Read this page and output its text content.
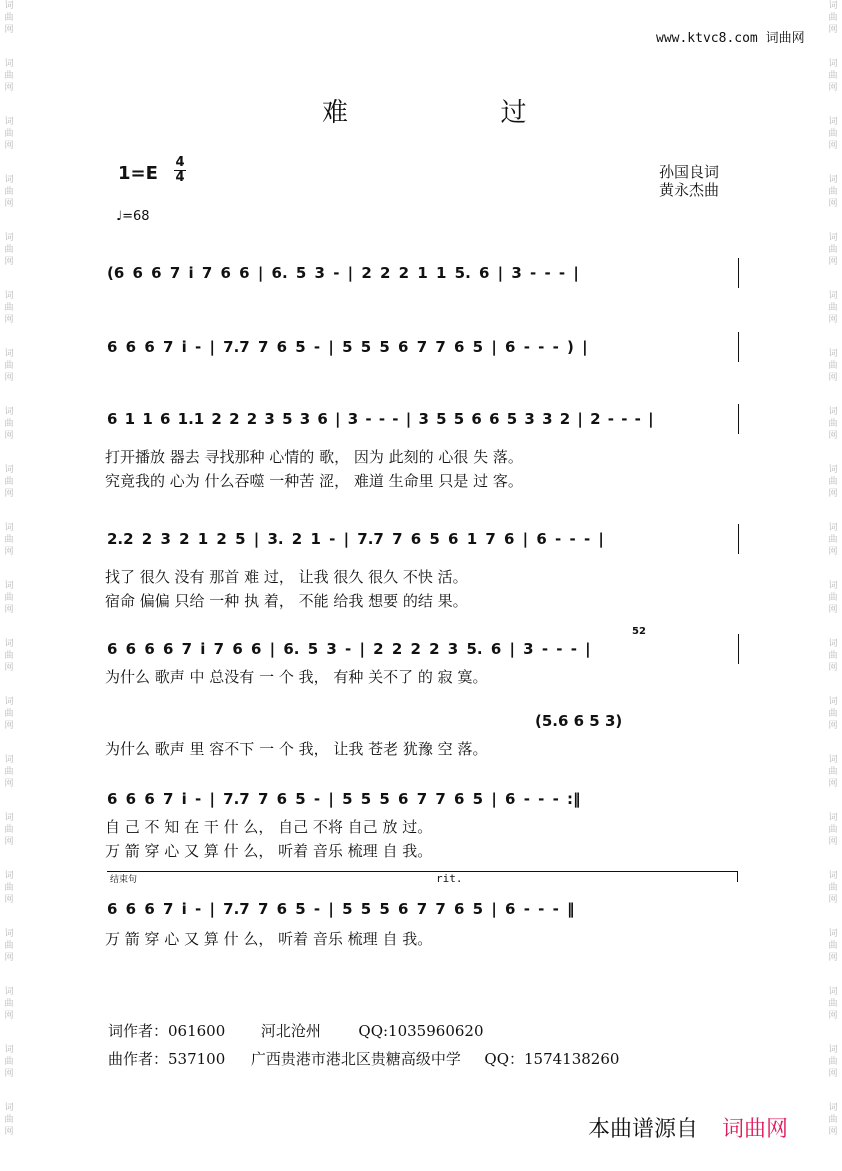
词
曲
网
词
曲
网
词
曲
网
词
曲
网
词
曲
网
词
曲
网
词
曲
网
词
曲
网
词
曲
网
词
曲
网
词
曲
网
词
曲
网
词
曲
网
词
曲
网
词
曲
网
词
曲
网
词
曲
网
词
曲
网
词
曲
网
词
曲
网
词
曲
网
词
曲
网
词
曲
网
词
曲
网
词
曲
网
词
曲
网
词
曲
网
词
曲
网
词
曲
网
词
曲
网
词
曲
网
词
曲
网
词
曲
网
词
曲
网
词
曲
网
词
曲
网
词
曲
网
词
曲
网
词
曲
网
词
曲
网
www.ktvc8.com 词曲网
难	过
1=E
4
4
♩=68
孙国良词
黄永杰曲
(6 6 6 7 i 7 6 6 | 6. 5 3 - | 2 2 2 1 1 5. 6 | 3 - - - |
6 6 6 7 i - | 7.7 7 6 5 - | 5 5 5 6 7 7 6 5 | 6 - - - ) |
6 1 1 6 1.1 2 2 2 3 5 3 6 | 3 - - - | 3 5 5 6 6 5 3 3 2 | 2 - - - |
打开播放 器去 寻找那种 心情的 歌， 因为 此刻的 心很 失 落。
究竟我的 心为 什么吞噬 一种苦 涩， 难道 生命里 只是 过 客。
2.2 2 3 2 1 2 5 | 3. 2 1 - | 7.7 7 6 5 6 1 7 6 | 6 - - - |
找了 很久 没有 那首 难 过， 让我 很久 很久 不快 活。
宿命 偏偏 只给 一种 执 着， 不能 给我 想要 的结 果。
52
6 6 6 6 7 i 7 6 6 | 6. 5 3 - | 2 2 2 2 3 5. 6 | 3 - - - |
为什么 歌声 中 总没有 一 个 我， 有种 关不了 的 寂 寞。
(5.6 6 5 3)
为什么 歌声 里 容不下 一 个 我， 让我 苍老 犹豫 空 落。
6 6 6 7 i - | 7.7 7 6 5 - | 5 5 5 6 7 7 6 5 | 6 - - - :‖
自 己 不 知 在 干 什 么， 自己 不将 自己 放 过。
万 箭 穿 心 又 算 什 么， 听着 音乐 梳理 自 我。
结束句	rit.
6 6 6 7 i - | 7.7 7 6 5 - | 5 5 5 6 7 7 6 5 | 6 - - - ‖
万 箭 穿 心 又 算 什 么， 听着 音乐 梳理 自 我。
词作者：061600 河北沧州	QQ:1035960620
曲作者：537100 广西贵港市港北区贵糖高级中学 QQ：1574138260
本曲谱源自 词曲网
